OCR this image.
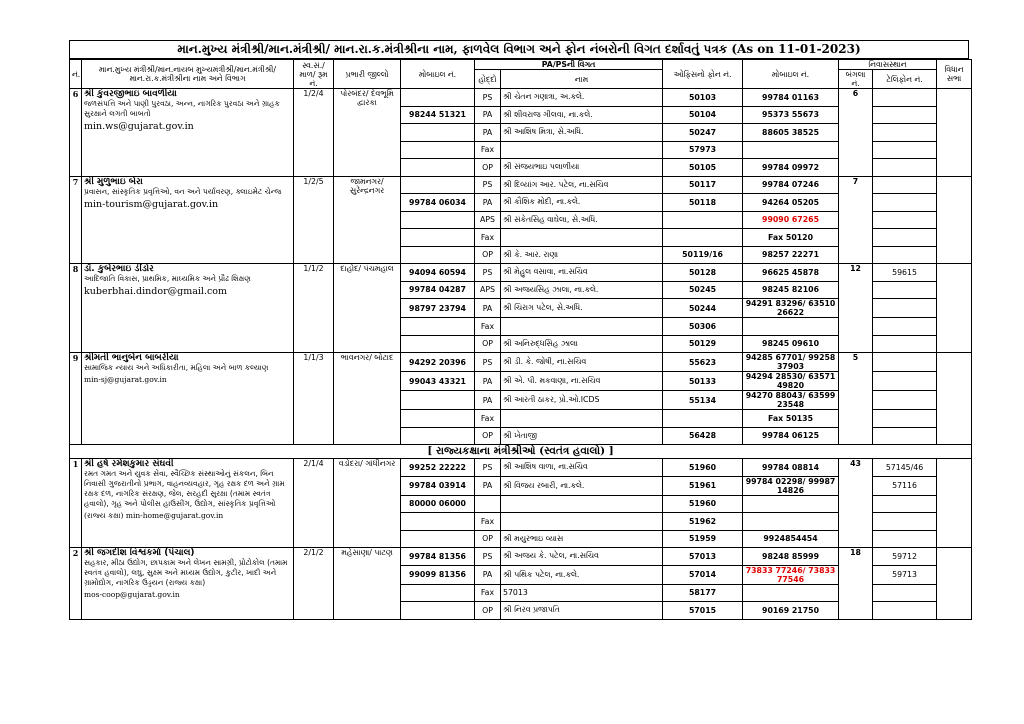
માન.મુખ્ય મંત્રીશ્રી/માન.મંત્રીશ્રી/ માન.રા.ક.મંત્રીશ્રીના નામ, ફાળવેલ વિભાગ અને ફોન નંબરોની વિગત દર્શાવતું પત્રક (As on 11-01-2023)
નં.	માન.મુખ્ય મંત્રીશ્રી/માન.નાયબ મુખ્યમંત્રીશ્રી/માન.મંત્રીશ્રી/ માન.રા.ક.મંત્રીશ્રીના નામ અને વિભાગ	સ્વ.સં./ માળ/ રૂમ નં.	પ્રભારી જીલ્લો	મોબાઇલ નં.	PA/PSની વિગત		ઓફિસનો ફોન નં.	મોબાઇલ નં.	નિવાસસ્થાન		વિધાન સભા
					હોદ્દો	નામ			બંગલા નં.	ટેલિફોન નં.	
6	શ્રી કુંવરજીભાઇ બાવળીયા
જળસંપત્તિ અને પાણી પુરવઠા, અન્ન, નાગરિક પુરવઠા અને ગ્રાહક સુરક્ષાને લગતી બાબતો
min.ws@gujarat.gov.in	1/2/4	પોરબંદર/ દેવભૂમિ દ્વારકા		PS	શ્રી ચેતન ગણાત્રા, અ.કલે.	50103	99784 01163	6		
				98244 51321	PA	શ્રી શીવરાજ ગીલવા, ના.કલે.	50104	95373 55673			
					PA	શ્રી આશિષ મિત્રા, સે.અધિ.	50247	88605 38525			
					Fax		57973				
					OP	શ્રી સંજયભાઇ પલાળીયા	50105	99784 09972			
7	શ્રી મુળુભાઇ બેરા
પ્રવાસન, સાંસ્કૃતિક પ્રવૃત્તિઓ, વન અને પર્યાવરણ, ક્લાઇમેટ ચેન્જ
min-tourism@gujarat.gov.in	1/2/5	જામનગર/ સુરેન્દ્રનગર		PS	શ્રી દિવ્યાંગ આર. પટેલ, ના.સચિવ	50117	99784 07246	7		
				99784 06034	PA	શ્રી કૌશિક મોદી, ના.કલે.	50118	94264 05205			
					APS	શ્રી સંકેતસિંહ વાઘેલા, સે.અધિ.		99090 67265			
					Fax			Fax 50120			
					OP	શ્રી કે. આર. રાણા	50119/16	98257 22271			
8	ડૉ. કુબેરભાઇ ડીંડોર
આદિજાતિ વિકાસ, પ્રાથમિક, માધ્યમિક અને પ્રૌઢ શિક્ષણ
kuberbhai.dindor@gmail.com	1/1/2	દાહોદ/ પંચમહાલ	94094 60594	PS	શ્રી મેહુલ વસાવા, ના.સચિવ	50128	96625 45878	12	59615	
				99784 04287	APS	શ્રી અજયસિંહ ઝાલા, ના.કલે.	50245	98245 82106			
				98797 23794	PA	શ્રી ચિરાગ પટેલ, સે.અધિ.	50244	94291 83296/ 63510 26622			
					Fax		50306				
					OP	શ્રી અનિરુદ્ધસિંહ ઝાલા	50129	98245 09610			
9	શ્રીમતી ભાનુબેન બાબરીયા
સામાજિક ન્યાય અને અધિકારીતા, મહિલા અને બાળ કલ્યાણ
min-sj@gujarat.gov.in	1/1/3	ભાવનગર/ બોટાદ	94292 20396	PS	શ્રી ડી. કે. જોષી, ના.સચિવ	55623	94285 67701/ 99258 37903	5		
				99043 43321	PA	શ્રી એ. પી. મકવાણા, ના.સચિવ	50133	94294 28530/ 63571 49820			
					PA	શ્રી આરતી ઠાકર, પ્રો.ઓ.ICDS	55134	94270 88043/ 63599 23548			
					Fax			Fax 50135			
					OP	શ્રી ખેતાજી	56428	99784 06125			
[ રાજ્યકક્ષાના મંત્રીશ્રીઓ (સ્વતંત્ર હવાલો) ]											
1	શ્રી હર્ષ રમેશકુમાર સંઘવી
રમત ગમત અને યુવક સેવા, સ્વૈચ્છિક સંસ્થાઓનું સંકલન, બિન નિવાસી ગુજરાતીનો પ્રભાગ, વાહનવ્યવહાર, ગૃહ રક્ષક દળ અને ગ્રામ રક્ષક દળ, નાગરિક સંરક્ષણ, જેલ, સરહદી સુરક્ષા (તમામ સ્વતંત્ર હવાલો), ગૃહ અને પોલીસ હાઉસીંગ, ઉદ્યોગ, સાંસ્કૃતિક પ્રવૃત્તિઓ
(રાજ્ય કક્ષા) min-home@gujarat.gov.in	2/1/4	વડોદરા/ ગાંધીનગર	99252 22222	PS	શ્રી આશિષ વાળા, ના.સચિવ	51960	99784 08814	43	57145/46	
				99784 03914	PA	શ્રી વિજય રબારી, ના.કલે.	51961	99784 02298/ 99987 14826		57116	
				80000 06000			51960				
					Fax		51962				
					OP	શ્રી મયુરભાઇ વ્યાસ	51959	9924854454			
2	શ્રી જગદીશ વિશ્વકર્મા (પંચાલ)
સહકાર, મીઠા ઉદ્યોગ, છાપકામ અને લેખન સામગ્રી, પ્રોટોકોલ (તમામ સ્વતંત્ર હવાલો), લઘુ, સુક્ષ્મ અને મધ્યમ ઉદ્યોગ, કુટીર, ખાદી અને ગ્રામોદ્યોગ, નાગરિક ઉડ્ડયન (રાજ્ય કક્ષા)
mos-coop@gujarat.gov.in	2/1/2	મહેસાણા/ પાટણ	99784 81356	PS	શ્રી અજય કે. પટેલ, ના.સચિવ	57013	98248 85999	18	59712	
				99099 81356	PA	શ્રી પથિક પટેલ, ના.કલે.	57014	73833 77246/ 73833 77546		59713	
					Fax	57013	58177				
					OP	શ્રી નિરવ પ્રજાપતિ	57015	90169 21750			
